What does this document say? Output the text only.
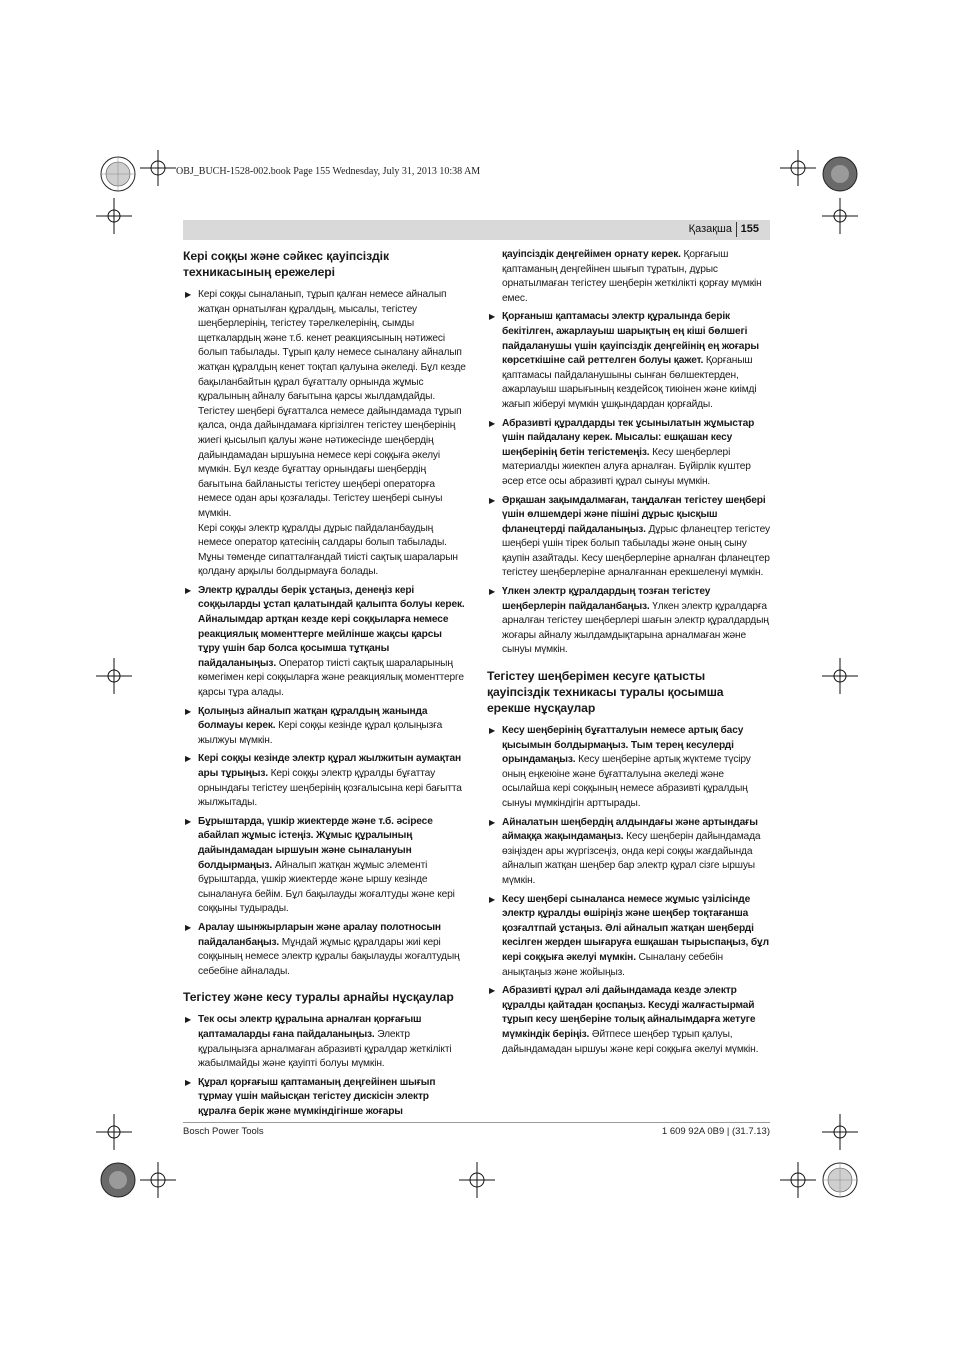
OBJ_BUCH-1528-002.book Page 155 Wednesday, July 31, 2013 10:38 AM
Қазақша 155
Кері соққы және сәйкес қауіпсіздік техникасының ережелері
▶ Кері соққы сыналанып, тұрып қалған немесе айналып жатқан орнатылған құралдың, мысалы, тегістеу шеңберлерінің, тегістеу тәрелкелерінің, сымды щеткалардың және т.б. кенет реакциясының нәтижесі болып табылады. Тұрып қалу немесе сыналану айналып жатқан құралдың кенет тоқтап қалуына әкеледі. Бұл кезде бақыланбайтын құрал бұғатталу орнында жұмыс құралының айналу бағытына қарсы жылдамдайды.

Тегістеу шеңбері бұғатталса немесе дайындамада тұрып қалса, онда дайындамаға кіргізілген тегістеу шеңберінің жиегі қысылып қалуы және нәтижесінде шеңбердің дайындамадан ыршуына немесе кері соққыға әкелуі мүмкін. Бұл кезде бұғаттау орнындағы шеңбердің бағытына байланысты тегістеу шеңбері операторға немесе одан ары қозғалады. Тегістеу шеңбері сынуы мүмкін.

Кері соққы электр құралды дұрыс пайдаланбаудың немесе оператор қатесінің салдары болып табылады. Мұны төменде сипатталғандай тиісті сақтық шараларын қолдану арқылы болдырмауға болады.

▶ Электр құралды берік ұстаңыз, денеңіз кері соққыларды ұстап қалатындай қалыпта болуы керек. Айналымдар артқан кезде кері соққыларға немесе реакциялық моменттерге мейлінше жақсы қарсы тұру үшін бар болса қосымша тұтқаны пайдаланыңыз. Оператор тиісті сақтық шараларының көмегімен кері соққыларға және реакциялық моменттерге қарсы тұра алады.

▶ Қолыңыз айналып жатқан құралдың жанында болмауы керек. Кері соққы кезінде құрал қолыңызға жылжуы мүмкін.

▶ Кері соққы кезінде электр құрал жылжитын аумақтан ары тұрыңыз. Кері соққы электр құралды бұғаттау орнындағы тегістеу шеңберінің қозғалысына кері бағытта жылжытады.

▶ Бұрыштарда, үшкір жиектерде және т.б. әсіресе абайлап жұмыс істеңіз. Жұмыс құралының дайындамадан ыршуын және сыналануын болдырмаңыз. Айналып жатқан жұмыс элементі бұрыштарда, үшкір жиектерде және ыршу кезінде сыналануға бейім. Бұл бақылауды жоғалтуды және кері соққыны тудырады.

▶ Аралау шынжырларын және аралау полотносын пайдаланбаңыз. Мұндай жұмыс құралдары жиі кері соққының немесе электр құралы бақылауды жоғалтудың себебіне айналады.

Тегістеу және кесу туралы арнайы нұсқаулар
▶ Тек осы электр құралына арналған қорғағыш қаптамаларды ғана пайдаланыңыз. Электр құралыңызға арналмаған абразивті құралдар жеткілікті жабылмайды және қауіпті болуы мүмкін.

▶ Құрал қорғағыш қаптаманың деңгейінен шығып тұрмау үшін майысқан тегістеу дискісін электр құралға берік және мүмкіндігінше жоғары

қауіпсіздік деңгейімен орнату керек. Қорғағыш қаптаманың деңгейінен шығып тұратын, дұрыс орнатылмаған тегістеу шеңберін жеткілікті қорғау мүмкін емес.

▶ Қорғаныш қаптамасы электр құралында берік бекітілген, ажарлауыш шарықтың ең кіші бөлшегі пайдаланушы үшін қауіпсіздік деңгейінің ең жоғары көрсеткішіне сай реттелген болуы қажет. Қорғаныш қаптамасы пайдаланушыны сынған бөлшектерден, ажарлауыш шарығының кездейсоқ тиюінен және киімді жағып жіберуі мүмкін ұшқындардан қорғайды.

▶ Абразивті құралдарды тек ұсынылатын жұмыстар үшін пайдалану керек. Мысалы: ешқашан кесу шеңберінің бетін тегістемеңіз. Кесу шеңберлері материалды жиекпен алуға арналған. Бүйірлік күштер әсер етсе осы абразивті құрал сынуы мүмкін.

▶ Әрқашан зақымдалмаған, таңдалған тегістеу шеңбері үшін өлшемдері және пішіні дұрыс қысқыш фланецтерді пайдаланыңыз. Дұрыс фланецтер тегістеу шеңбері үшін тірек болып табылады және оның сыну қаупін азайтады. Кесу шеңберлеріне арналған фланецтер тегістеу шеңберлеріне арналғаннан ерекшеленуі мүмкін.

▶ Үлкен электр құралдардың тозған тегістеу шеңберлерін пайдаланбаңыз. Үлкен электр құралдарға арналған тегістеу шеңберлері шағын электр құралдардың жоғары айналу жылдамдықтарына арналмаған және сынуы мүмкін.

Тегістеу шеңберімен кесуге қатысты қауіпсіздік техникасы туралы қосымша ерекше нұсқаулар
▶ Кесу шеңберінің бұғатталуын немесе артық басу қысымын болдырмаңыз. Тым терең кесулерді орындамаңыз. Кесу шеңберіне артық жүктеме түсіру оның еңкеюіне және бұғатталуына әкеледі және осылайша кері соққының немесе абразивті құралдың сынуы мүмкіндігін арттырады.

▶ Айналатын шеңбердің алдындағы және артындағы аймаққа жақындамаңыз. Кесу шеңберін дайындамада өзіңізден ары жүргізсеңіз, онда кері соққы жағдайында айналып жатқан шеңбер бар электр құрал сізге ыршуы мүмкін.

▶ Кесу шеңбері сыналанса немесе жұмыс үзілісінде электр құралды өшіріңіз және шеңбер тоқтағанша қозғалтпай ұстаңыз. Әлі айналып жатқан шеңберді кесілген жерден шығаруға ешқашан тырыспаңыз, бұл кері соққыға әкелуі мүмкін. Сыналану себебін анықтаңыз және жойыңыз.

▶ Абразивті құрал әлі дайындамада кезде электр құралды қайтадан қоспаңыз. Кесуді жалғастырмай тұрып кесу шеңберіне толық айналымдарға жетуге мүмкіндік беріңіз. Әйтпесе шеңбер тұрып қалуы, дайындамадан ыршуы және кері соққыға әкелуі мүмкін.

Bosch Power Tools	1 609 92A 0B9 | (31.7.13)
